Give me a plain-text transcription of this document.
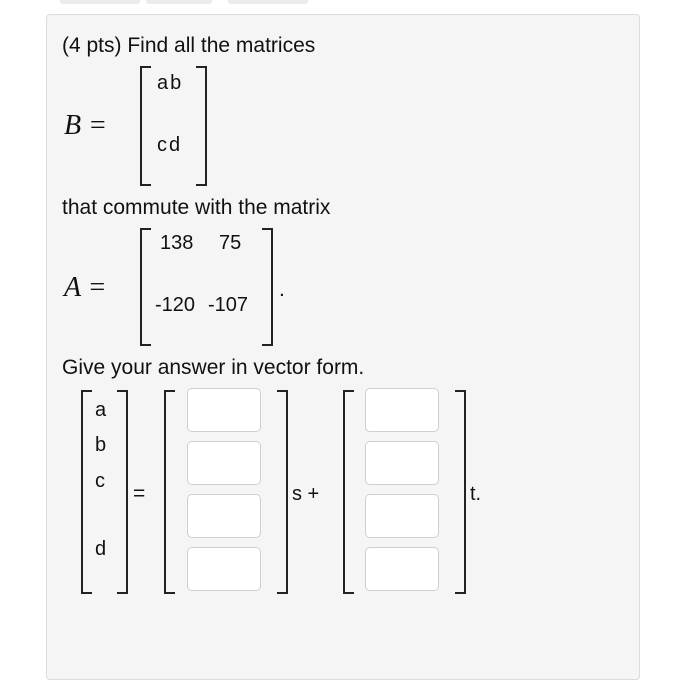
(4 pts) Find all the matrices
B =
ab
cd
that commute with the matrix
A =
138 75
-120 -107
.
Give your answer in vector form.
a
b
c
d
=	s +	t.
